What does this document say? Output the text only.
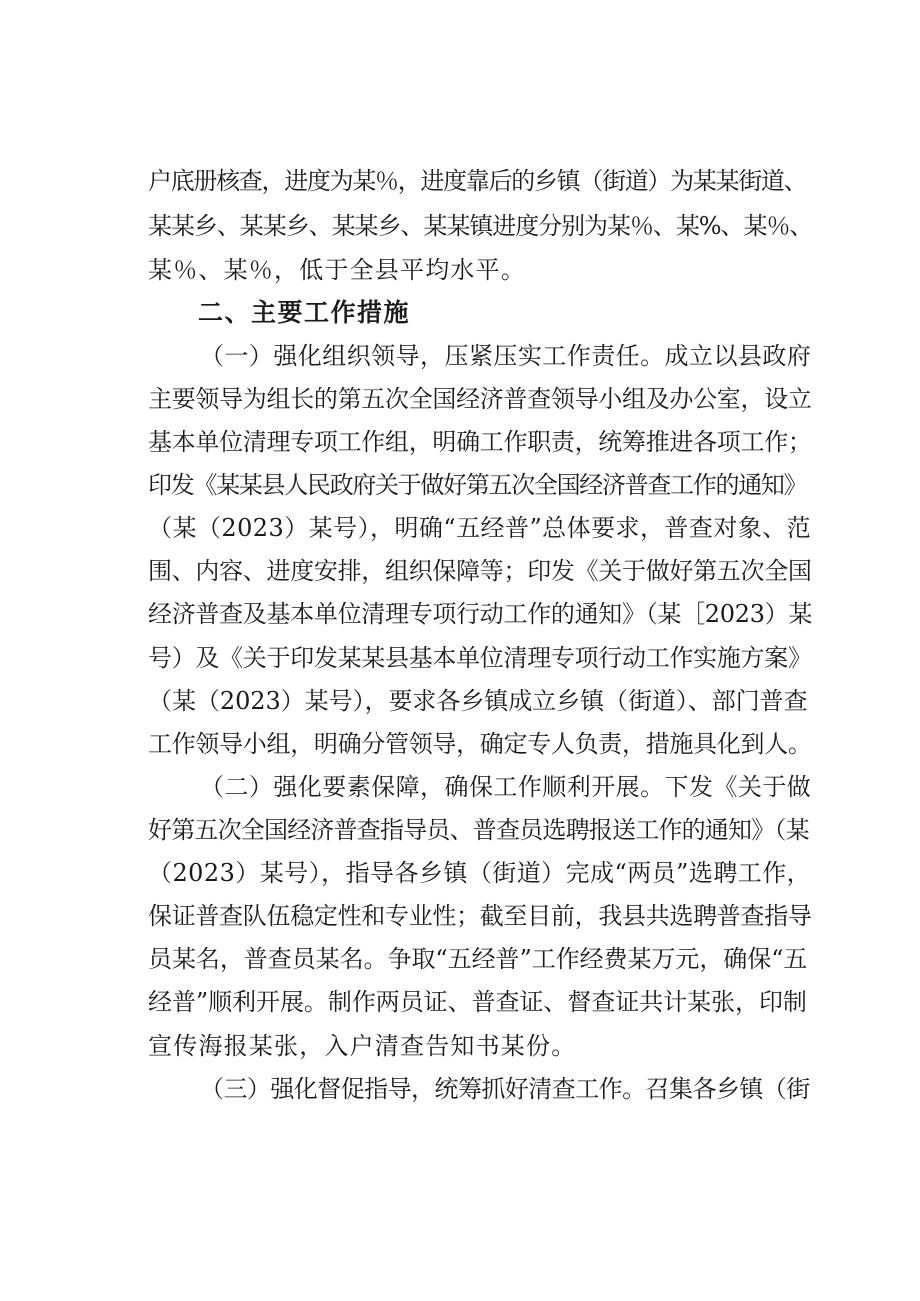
户底册核查，进度为某％，进度靠后的乡镇（街道）为某某街道、
某某乡、某某乡、某某乡、某某镇进度分别为某％、某%、某％、
某％、某％，低于全县平均水平。
二、主要工作措施
（一）强化组织领导，压紧压实工作责任。成立以县政府
主要领导为组长的第五次全国经济普查领导小组及办公室，设立
基本单位清理专项工作组，明确工作职责，统筹推进各项工作；
印发《某某县人民政府关于做好第五次全国经济普查工作的通知》
（某（2023）某号），明确“五经普”总体要求，普查对象、范
围、内容、进度安排，组织保障等；印发《关于做好第五次全国
经济普查及基本单位清理专项行动工作的通知》（某［2023）某
号）及《关于印发某某县基本单位清理专项行动工作实施方案》
（某（2023）某号），要求各乡镇成立乡镇（街道）、部门普查
工作领导小组，明确分管领导，确定专人负责，措施具化到人。
（二）强化要素保障，确保工作顺利开展。下发《关于做
好第五次全国经济普查指导员、普查员选聘报送工作的通知》（某
（2023）某号），指导各乡镇（街道）完成“两员”选聘工作，
保证普查队伍稳定性和专业性；截至目前，我县共选聘普查指导
员某名，普查员某名。争取“五经普”工作经费某万元，确保“五
经普”顺利开展。制作两员证、普查证、督查证共计某张，印制
宣传海报某张，入户清查告知书某份。
（三）强化督促指导，统筹抓好清查工作。召集各乡镇（街
